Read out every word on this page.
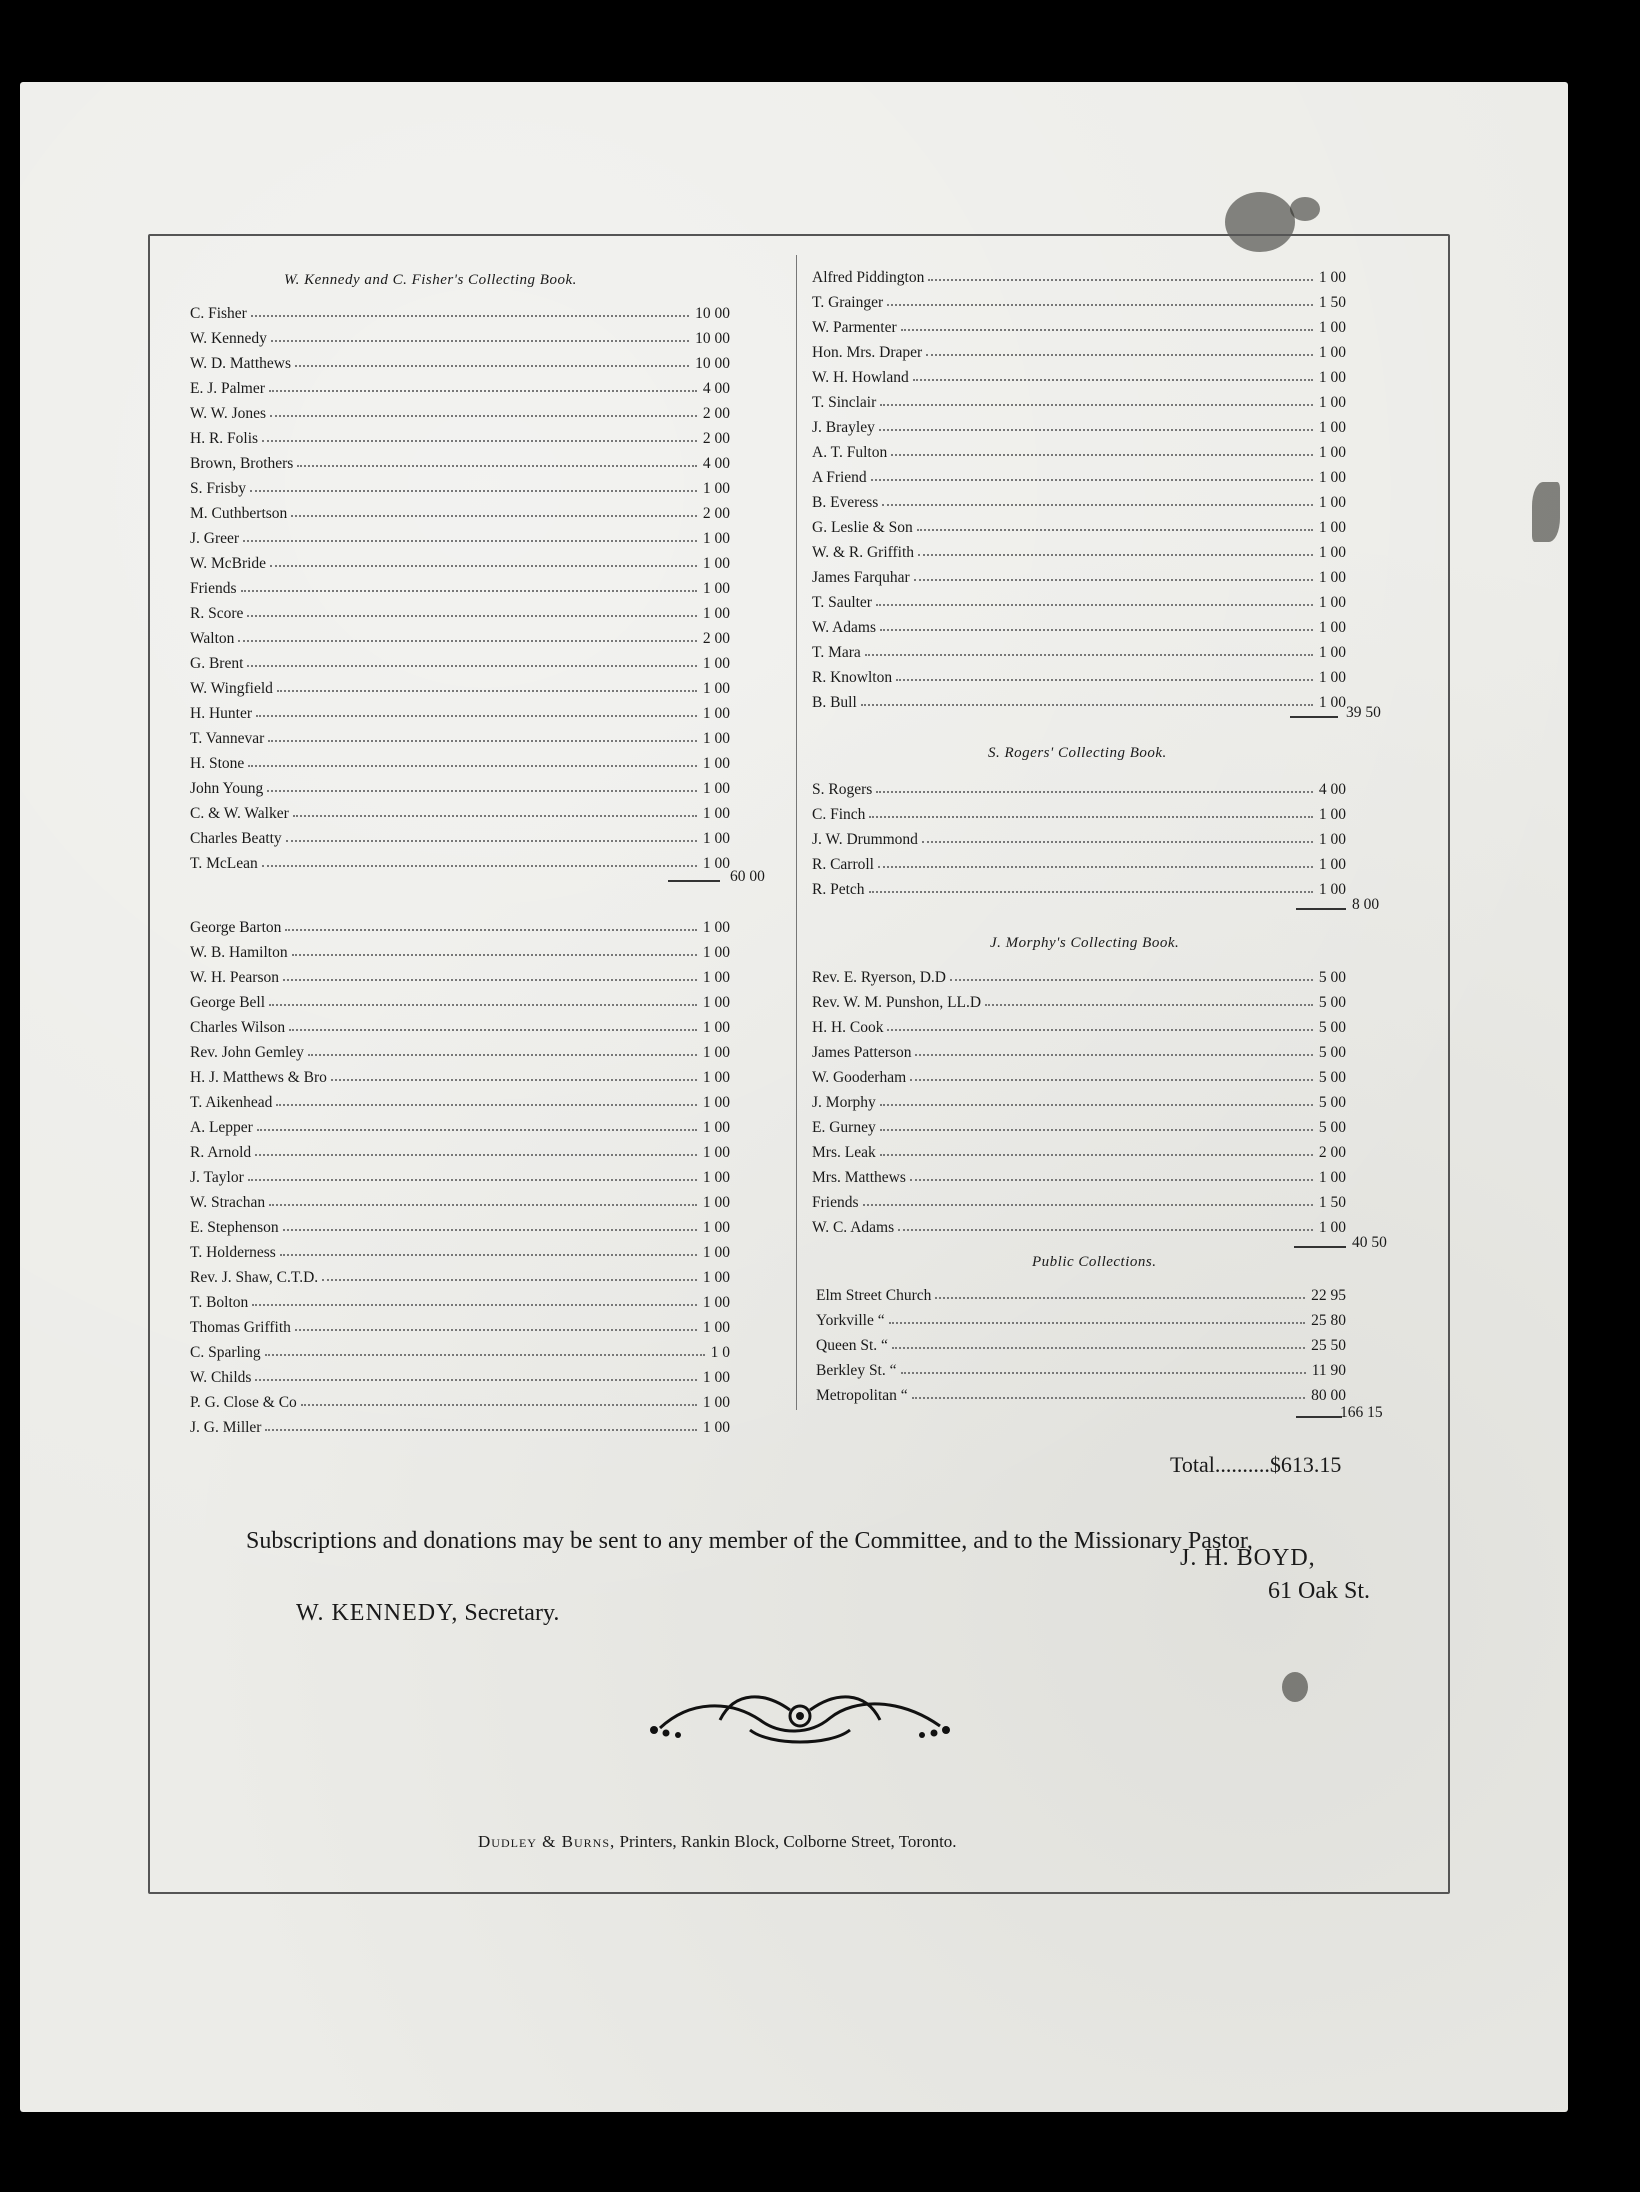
W. Kennedy and C. Fisher's Collecting Book.
C. Fisher	10 00
W. Kennedy	10 00
W. D. Matthews	10 00
E. J. Palmer	4 00
W. W. Jones	2 00
H. R. Folis	2 00
Brown, Brothers	4 00
S. Frisby	1 00
M. Cuthbertson	2 00
J. Greer	1 00
W. McBride	1 00
Friends	1 00
R. Score	1 00
Walton	2 00
G. Brent	1 00
W. Wingfield	1 00
H. Hunter	1 00
T. Vannevar	1 00
H. Stone	1 00
John Young	1 00
C. & W. Walker	1 00
Charles Beatty	1 00
T. McLean	1 00
60 00
George Barton	1 00
W. B. Hamilton	1 00
W. H. Pearson	1 00
George Bell	1 00
Charles Wilson	1 00
Rev. John Gemley	1 00
H. J. Matthews & Bro	1 00
T. Aikenhead	1 00
A. Lepper	1 00
R. Arnold	1 00
J. Taylor	1 00
W. Strachan	1 00
E. Stephenson	1 00
T. Holderness	1 00
Rev. J. Shaw, C.T.D.	1 00
T. Bolton	1 00
Thomas Griffith	1 00
C. Sparling	1 0
W. Childs	1 00
P. G. Close & Co	1 00
J. G. Miller	1 00
Alfred Piddington	1 00
T. Grainger	1 50
W. Parmenter	1 00
Hon. Mrs. Draper	1 00
W. H. Howland	1 00
T. Sinclair	1 00
J. Brayley	1 00
A. T. Fulton	1 00
A Friend	1 00
B. Everess	1 00
G. Leslie & Son	1 00
W. & R. Griffith	1 00
James Farquhar	1 00
T. Saulter	1 00
W. Adams	1 00
T. Mara	1 00
R. Knowlton	1 00
B. Bull	1 00
39 50
S. Rogers' Collecting Book.
S. Rogers	4 00
C. Finch	1 00
J. W. Drummond	1 00
R. Carroll	1 00
R. Petch	1 00
8 00
J. Morphy's Collecting Book.
Rev. E. Ryerson, D.D	5 00
Rev. W. M. Punshon, LL.D	5 00
H. H. Cook	5 00
James Patterson	5 00
W. Gooderham	5 00
J. Morphy	5 00
E. Gurney	5 00
Mrs. Leak	2 00
Mrs. Matthews	1 00
Friends	1 50
W. C. Adams	1 00
40 50
Public Collections.
Elm Street Church	22 95
Yorkville “	25 80
Queen St. “	25 50
Berkley St. “	11 90
Metropolitan “	80 00
166 15
Total..........$613.15
Subscriptions and donations may be sent to any member of the Committee, and to the Missionary Pastor,
J. H. BOYD,
61 Oak St.
W. KENNEDY, Secretary.
Dudley & Burns, Printers, Rankin Block, Colborne Street, Toronto.
